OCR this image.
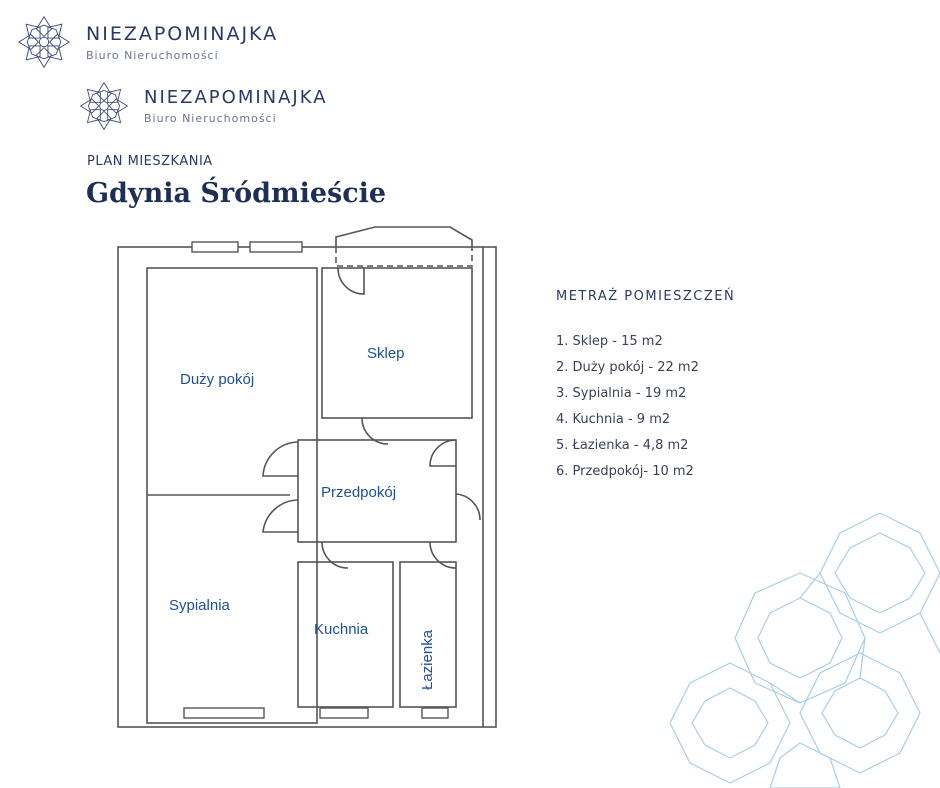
NIEZAPOMINAJKA
Biuro Nieruchomości
NIEZAPOMINAJKA
Biuro Nieruchomości
PLAN MIESZKANIA
Gdynia Śródmieście
Duży pokój
Sklep
Przedpokój
Sypialnia
Kuchnia
Łazienka
METRAŻ POMIESZCZEŃ
1. Sklep - 15 m2
2. Duży pokój - 22 m2
3. Sypialnia - 19 m2
4. Kuchnia - 9 m2
5. Łazienka - 4,8 m2
6. Przedpokój- 10 m2
